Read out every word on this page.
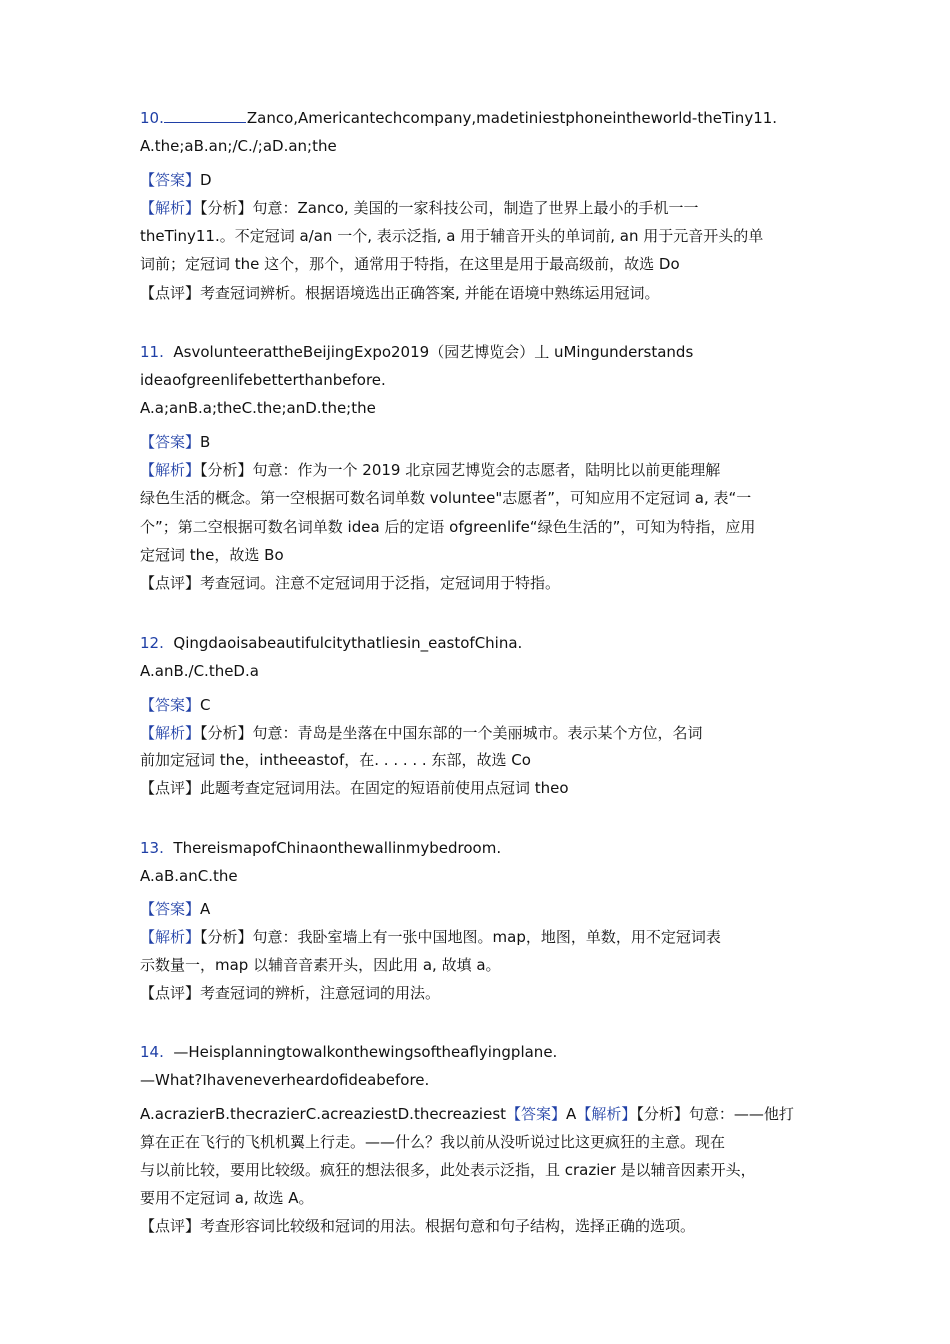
10.	Zanco,Americantechcompany,madetiniestphoneintheworld-theTiny11.

A.the;aB.an;/C./;aD.an;the

【答案】D

【解析】【分析】句意：Zanco, 美国的一家科技公司，制造了世界上最小的手机一一

theTiny11.。不定冠词 a/an 一个, 表示泛指, a 用于辅音开头的单词前, an 用于元音开头的单

词前；定冠词 the 这个，那个，通常用于特指，在这里是用于最高级前，故选 Do

【点评】考查冠词辨析。根据语境选出正确答案, 并能在语境中熟练运用冠词。

11. AsvolunteerattheBeijingExpo2019（园艺博览会）丄 uMingunderstands

ideaofgreenlifebetterthanbefore.

A.a;anB.a;theC.the;anD.the;the

【答案】B

【解析】【分析】句意：作为一个 2019 北京园艺博览会的志愿者，陆明比以前更能理解

绿色生活的概念。第一空根据可数名词单数 voluntee"志愿者”，可知应用不定冠词 a, 表“一

个”；第二空根据可数名词单数 idea 后的定语 ofgreenlife“绿色生活的”，可知为特指，应用

定冠词 the，故选 Bo

【点评】考查冠词。注意不定冠词用于泛指，定冠词用于特指。

12. Qingdaoisabeautifulcitythatliesin_eastofChina.

A.anB./C.theD.a

【答案】C

【解析】【分析】句意：青岛是坐落在中国东部的一个美丽城市。表示某个方位，名词

前加定冠词 the，intheeastof，在. . . . . . 东部，故选 Co

【点评】此题考查定冠词用法。在固定的短语前使用点冠词 theo

13. ThereismapofChinaonthewallinmybedroom.

A.aB.anC.the

【答案】A

【解析】【分析】句意：我卧室墙上有一张中国地图。map，地图，单数，用不定冠词表

示数量一，map 以辅音音素开头，因此用 a, 故填 a。

【点评】考查冠词的辨析，注意冠词的用法。

14. —Heisplanningtowalkonthewingsoftheaflyingplane.

—What?Ihaveneverheardofideabefore.

A.acrazierB.thecrazierC.acreaziestD.thecreaziest【答案】A【解析】【分析】句意：——他打

算在正在飞行的飞机机翼上行走。——什么？我以前从没听说过比这更疯狂的主意。现在

与以前比较，要用比较级。疯狂的想法很多，此处表示泛指，且 crazier 是以辅音因素开头，

要用不定冠词 a, 故选 A。

【点评】考查形容词比较级和冠词的用法。根据句意和句子结构，选择正确的选项。
